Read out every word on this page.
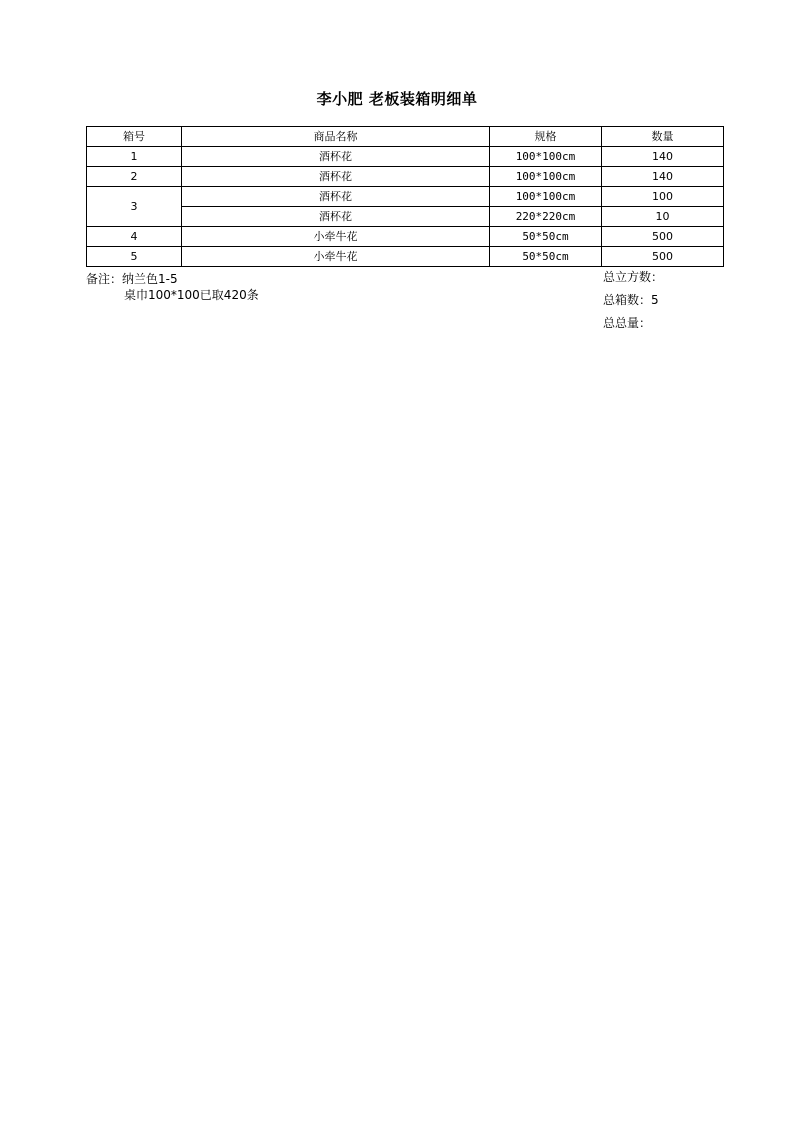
李小肥 老板装箱明细单
箱号	商品名称	规格	数量
1	酒杯花	100*100cm	140
2	酒杯花	100*100cm	140
3	酒杯花	100*100cm	100
	酒杯花	220*220cm	10
4	小牵牛花	50*50cm	500
5	小牵牛花	50*50cm	500
备注：纳兰色1-5
桌巾100*100已取420条
总立方数：
总箱数：5
总总量：
